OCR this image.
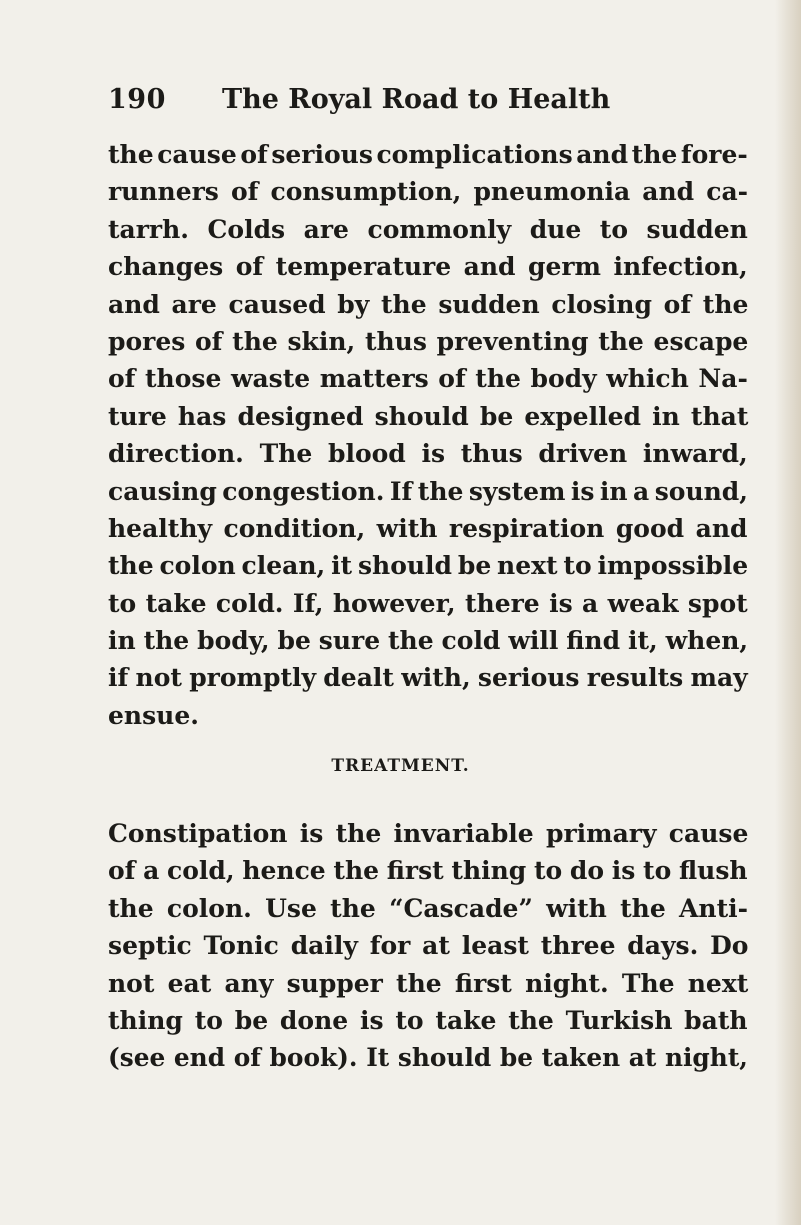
190 The Royal Road to Health
the cause of serious complications and the fore-
runners of consumption, pneumonia and ca-
tarrh. Colds are commonly due to sudden
changes of temperature and germ infection,
and are caused by the sudden closing of the
pores of the skin, thus preventing the escape
of those waste matters of the body which Na-
ture has designed should be expelled in that
direction. The blood is thus driven inward,
causing congestion. If the system is in a sound,
healthy condition, with respiration good and
the colon clean, it should be next to impossible
to take cold. If, however, there is a weak spot
in the body, be sure the cold will find it, when,
if not promptly dealt with, serious results may
ensue.
TREATMENT.
Constipation is the invariable primary cause
of a cold, hence the first thing to do is to flush
the colon. Use the “Cascade” with the Anti-
septic Tonic daily for at least three days. Do
not eat any supper the first night. The next
thing to be done is to take the Turkish bath
(see end of book). It should be taken at night,
